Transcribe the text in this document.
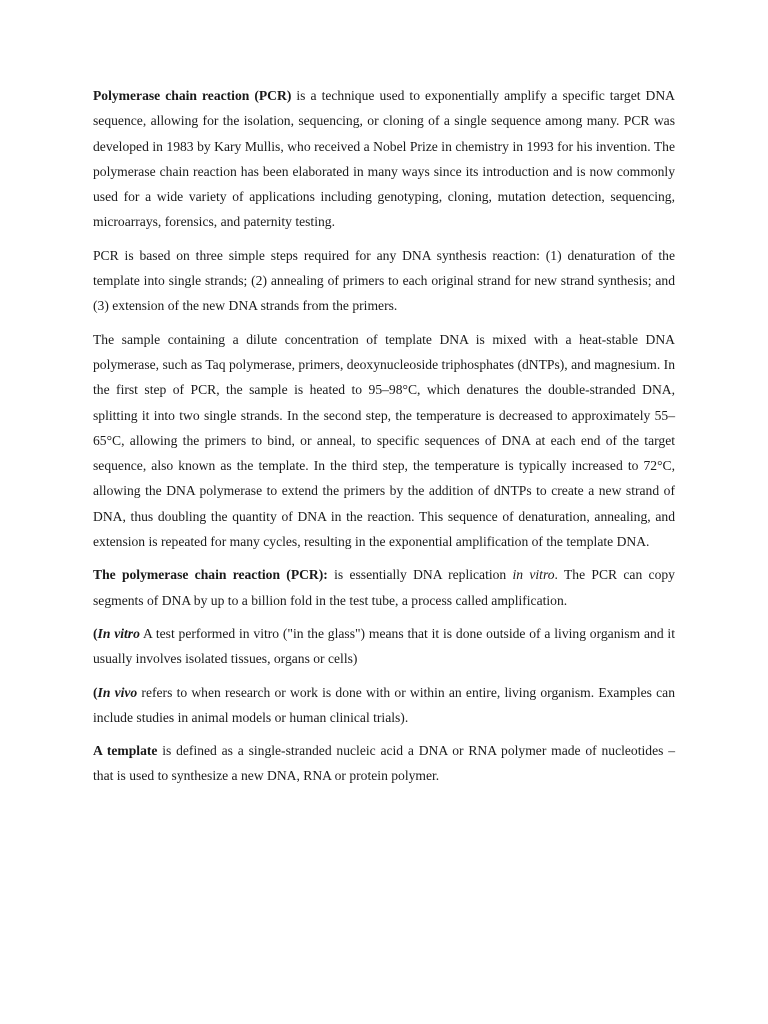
Polymerase chain reaction (PCR) is a technique used to exponentially amplify a specific target DNA sequence, allowing for the isolation, sequencing, or cloning of a single sequence among many. PCR was developed in 1983 by Kary Mullis, who received a Nobel Prize in chemistry in 1993 for his invention. The polymerase chain reaction has been elaborated in many ways since its introduction and is now commonly used for a wide variety of applications including genotyping, cloning, mutation detection, sequencing, microarrays, forensics, and paternity testing.

PCR is based on three simple steps required for any DNA synthesis reaction: (1) denaturation of the template into single strands; (2) annealing of primers to each original strand for new strand synthesis; and (3) extension of the new DNA strands from the primers.

The sample containing a dilute concentration of template DNA is mixed with a heat-stable DNA polymerase, such as Taq polymerase, primers, deoxynucleoside triphosphates (dNTPs), and magnesium. In the first step of PCR, the sample is heated to 95–98°C, which denatures the double-stranded DNA, splitting it into two single strands. In the second step, the temperature is decreased to approximately 55–65°C, allowing the primers to bind, or anneal, to specific sequences of DNA at each end of the target sequence, also known as the template. In the third step, the temperature is typically increased to 72°C, allowing the DNA polymerase to extend the primers by the addition of dNTPs to create a new strand of DNA, thus doubling the quantity of DNA in the reaction. This sequence of denaturation, annealing, and extension is repeated for many cycles, resulting in the exponential amplification of the template DNA.

The polymerase chain reaction (PCR): is essentially DNA replication in vitro. The PCR can copy segments of DNA by up to a billion fold in the test tube, a process called amplification.

(In vitro A test performed in vitro ("in the glass") means that it is done outside of a living organism and it usually involves isolated tissues, organs or cells)

(In vivo refers to when research or work is done with or within an entire, living organism. Examples can include studies in animal models or human clinical trials).

A template is defined as a single-stranded nucleic acid a DNA or RNA polymer made of nucleotides – that is used to synthesize a new DNA, RNA or protein polymer.
